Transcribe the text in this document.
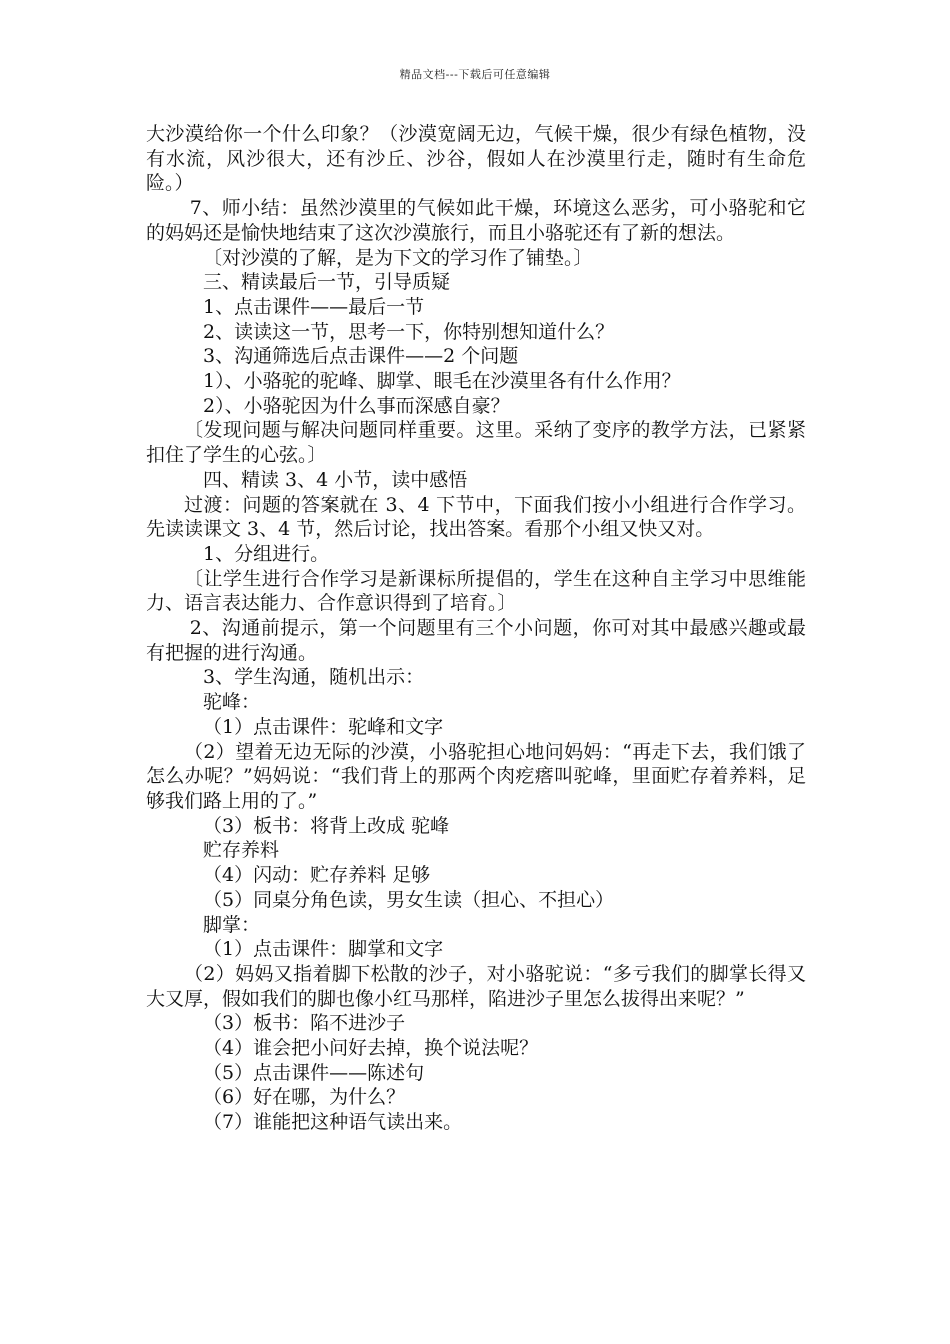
精品文档---下载后可任意编辑

大沙漠给你一个什么印象？（沙漠宽阔无边，气候干燥，很少有绿色植物，没有水流，风沙很大，还有沙丘、沙谷，假如人在沙漠里行走，随时有生命危险。）

7、师小结：虽然沙漠里的气候如此干燥，环境这么恶劣，可小骆驼和它的妈妈还是愉快地结束了这次沙漠旅行，而且小骆驼还有了新的想法。

〔对沙漠的了解，是为下文的学习作了铺垫。〕

三、精读最后一节，引导质疑

1、点击课件——最后一节

2、读读这一节，思考一下，你特别想知道什么？

3、沟通筛选后点击课件——2 个问题

1）、小骆驼的驼峰、脚掌、眼毛在沙漠里各有什么作用？

2）、小骆驼因为什么事而深感自豪？

〔发现问题与解决问题同样重要。这里。采纳了变序的教学方法，已紧紧扣住了学生的心弦。〕

四、精读 3、4 小节，读中感悟

过渡：问题的答案就在 3、4 下节中，下面我们按小小组进行合作学习。先读读课文 3、4 节，然后讨论，找出答案。看那个小组又快又对。

1、分组进行。

〔让学生进行合作学习是新课标所提倡的，学生在这种自主学习中思维能力、语言表达能力、合作意识得到了培育。〕

2、沟通前提示，第一个问题里有三个小问题，你可对其中最感兴趣或最有把握的进行沟通。

3、学生沟通，随机出示：

驼峰：

（1）点击课件：驼峰和文字

（2）望着无边无际的沙漠，小骆驼担心地问妈妈：“再走下去，我们饿了怎么办呢？”妈妈说：“我们背上的那两个肉疙瘩叫驼峰，里面贮存着养料，足够我们路上用的了。”

（3）板书：将背上改成 驼峰

贮存养料

（4）闪动：贮存养料 足够

（5）同桌分角色读，男女生读（担心、不担心）

脚掌：

（1）点击课件：脚掌和文字

（2）妈妈又指着脚下松散的沙子，对小骆驼说：“多亏我们的脚掌长得又大又厚，假如我们的脚也像小红马那样，陷进沙子里怎么拔得出来呢？”

（3）板书：陷不进沙子

（4）谁会把小问好去掉，换个说法呢？

（5）点击课件——陈述句

（6）好在哪，为什么？

（7）谁能把这种语气读出来。
